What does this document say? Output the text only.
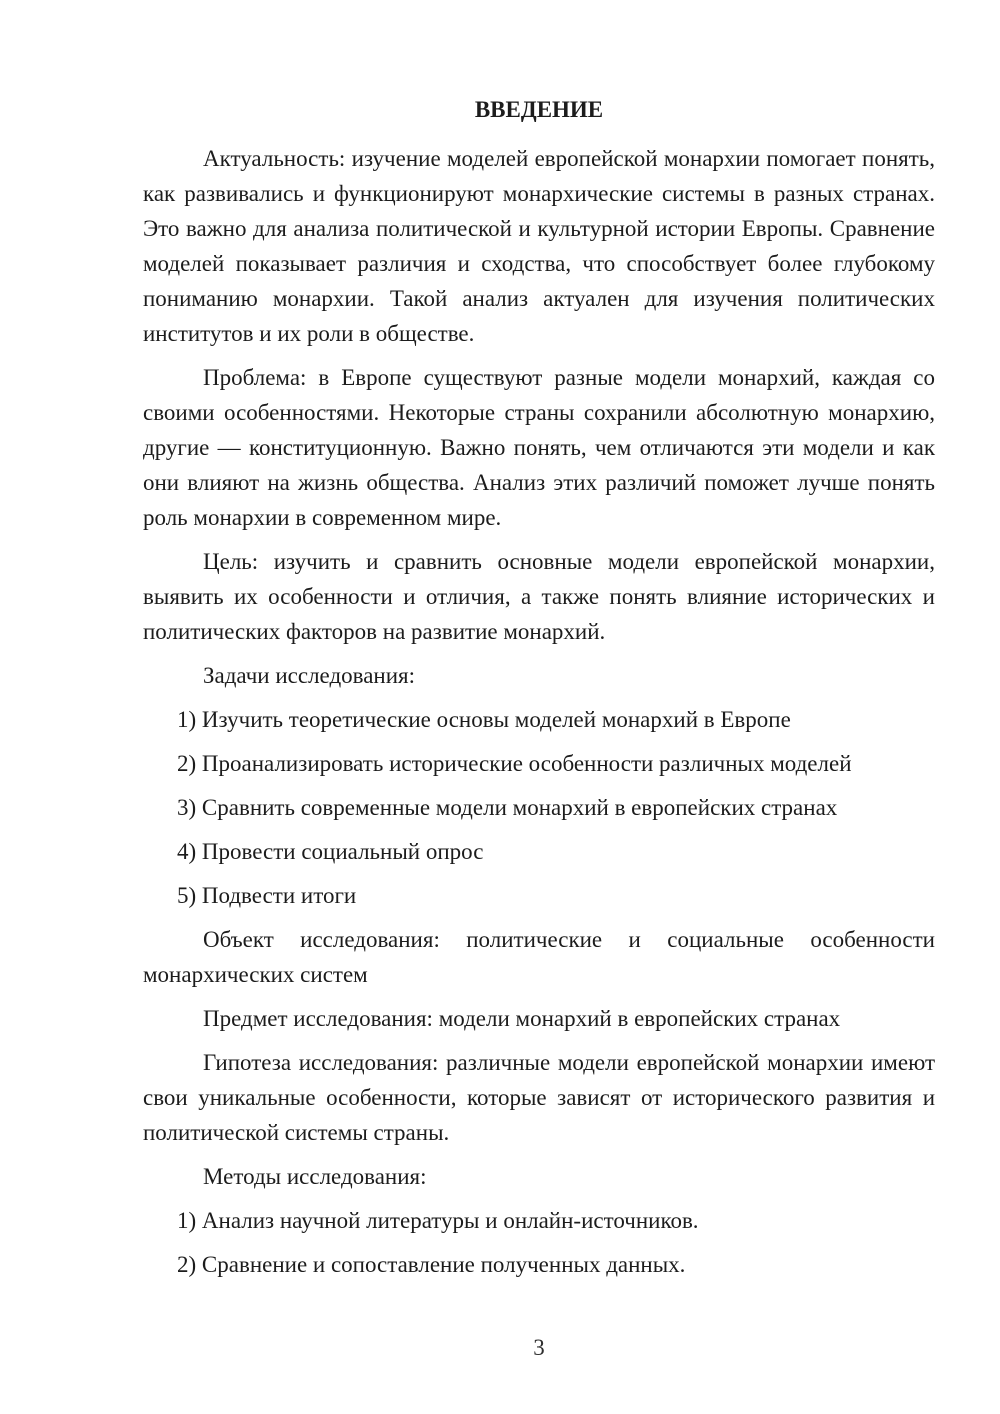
ВВЕДЕНИЕ

Актуальность: изучение моделей европейской монархии помогает понять, как развивались и функционируют монархические системы в разных странах. Это важно для анализа политической и культурной истории Европы. Сравнение моделей показывает различия и сходства, что способствует более глубокому пониманию монархии. Такой анализ актуален для изучения политических институтов и их роли в обществе.

Проблема: в Европе существуют разные модели монархий, каждая со своими особенностями. Некоторые страны сохранили абсолютную монархию, другие — конституционную. Важно понять, чем отличаются эти модели и как они влияют на жизнь общества. Анализ этих различий поможет лучше понять роль монархии в современном мире.

Цель: изучить и сравнить основные модели европейской монархии, выявить их особенности и отличия, а также понять влияние исторических и политических факторов на развитие монархий.

Задачи исследования:

1) Изучить теоретические основы моделей монархий в Европе

2) Проанализировать исторические особенности различных моделей

3) Сравнить современные модели монархий в европейских странах

4) Провести социальный опрос

5) Подвести итоги

Объект исследования: политические и социальные особенности монархических систем

Предмет исследования: модели монархий в европейских странах

Гипотеза исследования: различные модели европейской монархии имеют свои уникальные особенности, которые зависят от исторического развития и политической системы страны.

Методы исследования:

1) Анализ научной литературы и онлайн-источников.

2) Сравнение и сопоставление полученных данных.

3
